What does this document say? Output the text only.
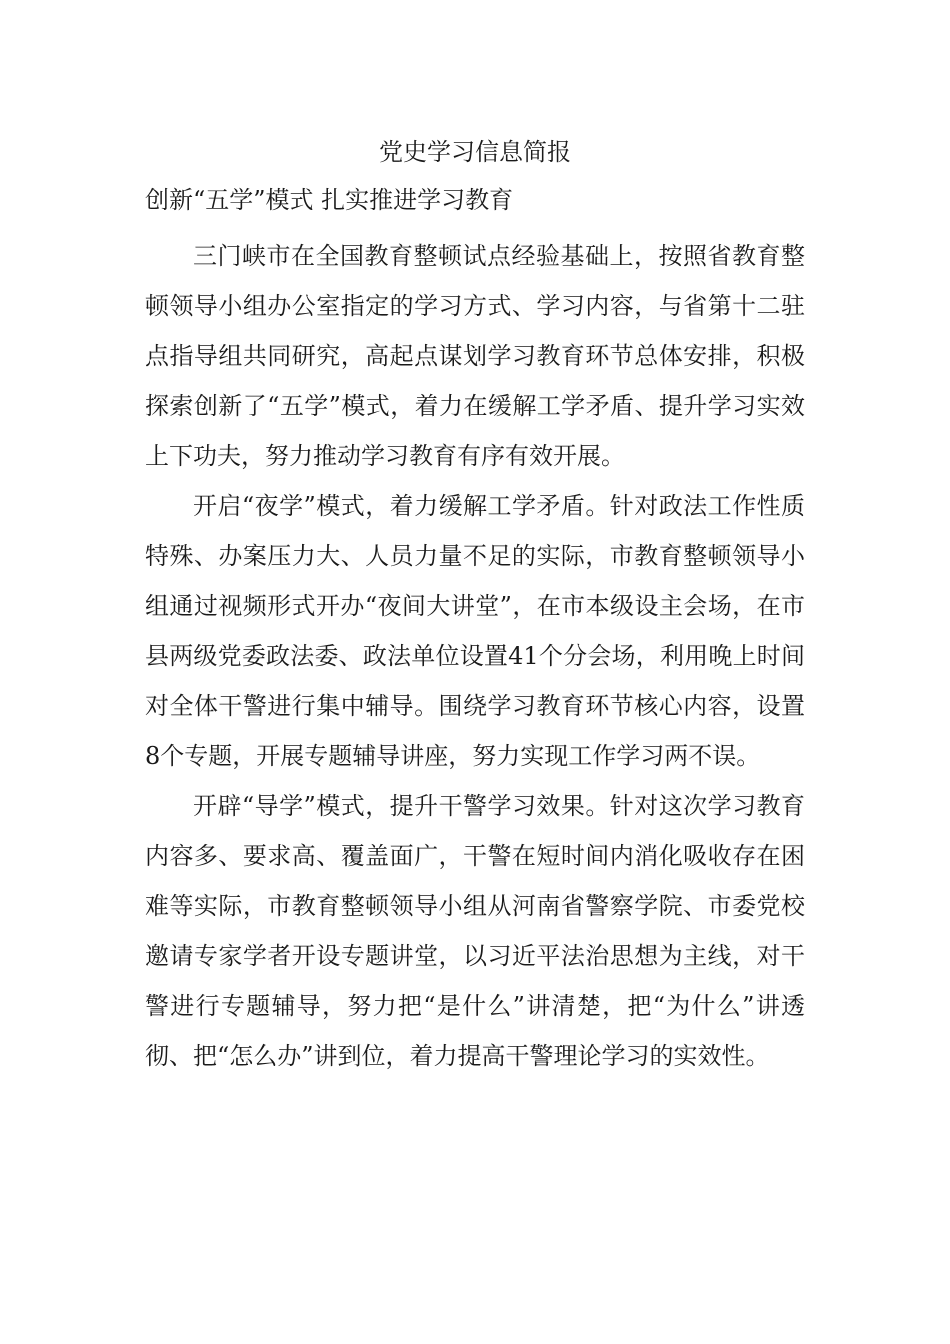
党史学习信息简报
创新“五学”模式 扎实推进学习教育

三门峡市在全国教育整顿试点经验基础上，按照省教育整顿领导小组办公室指定的学习方式、学习内容，与省第十二驻点指导组共同研究，高起点谋划学习教育环节总体安排，积极探索创新了“五学”模式，着力在缓解工学矛盾、提升学习实效上下功夫，努力推动学习教育有序有效开展。

开启“夜学”模式，着力缓解工学矛盾。针对政法工作性质特殊、办案压力大、人员力量不足的实际，市教育整顿领导小组通过视频形式开办“夜间大讲堂”，在市本级设主会场，在市县两级党委政法委、政法单位设置41个分会场，利用晚上时间对全体干警进行集中辅导。围绕学习教育环节核心内容，设置8个专题，开展专题辅导讲座，努力实现工作学习两不误。

开辟“导学”模式，提升干警学习效果。针对这次学习教育内容多、要求高、覆盖面广，干警在短时间内消化吸收存在困难等实际，市教育整顿领导小组从河南省警察学院、市委党校邀请专家学者开设专题讲堂，以习近平法治思想为主线，对干警进行专题辅导，努力把“是什么”讲清楚，把“为什么”讲透彻、把“怎么办”讲到位，着力提高干警理论学习的实效性。
